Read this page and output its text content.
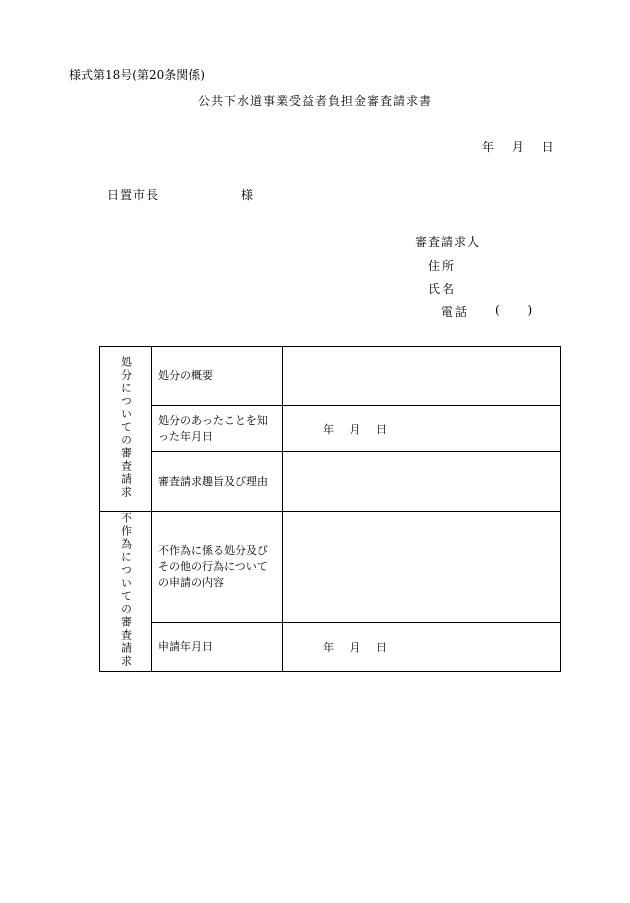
様式第18号(第20条関係)
公共下水道事業受益者負担金審査請求書
年 月 日
日置市長	様
審査請求人
住所
氏名
電話 ( )
処分についての審査請求	処分の概要	
	処分のあったことを知った年月日	年 月 日
	審査請求趣旨及び理由	
不作為についての審査請求	不作為に係る処分及びその他の行為についての申請の内容	
	申請年月日	年 月 日
